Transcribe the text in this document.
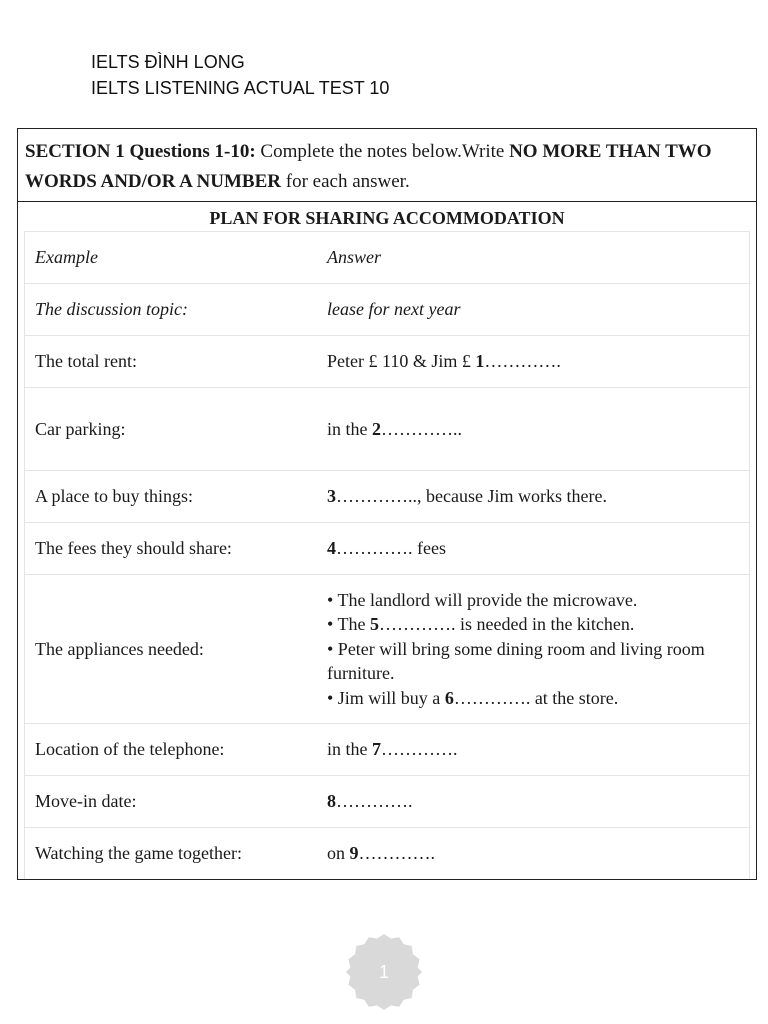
IELTS ĐÌNH LONG
IELTS LISTENING ACTUAL TEST 10
SECTION 1 Questions 1-10: Complete the notes below.Write NO MORE THAN TWO WORDS AND/OR A NUMBER for each answer.
PLAN FOR SHARING ACCOMMODATION
Example	Answer
The discussion topic:	lease for next year
The total rent:	Peter £ 110 & Jim £ 1………….
Car parking:	in the 2…………..
A place to buy things:	3………….., because Jim works there.
The fees they should share:	4…………. fees
The appliances needed:
• The landlord will provide the microwave.
• The 5…………. is needed in the kitchen.
• Peter will bring some dining room and living room furniture.
• Jim will buy a 6…………. at the store.
Location of the telephone:	in the 7………….
Move-in date:	8………….
Watching the game together:	on 9………….
1
